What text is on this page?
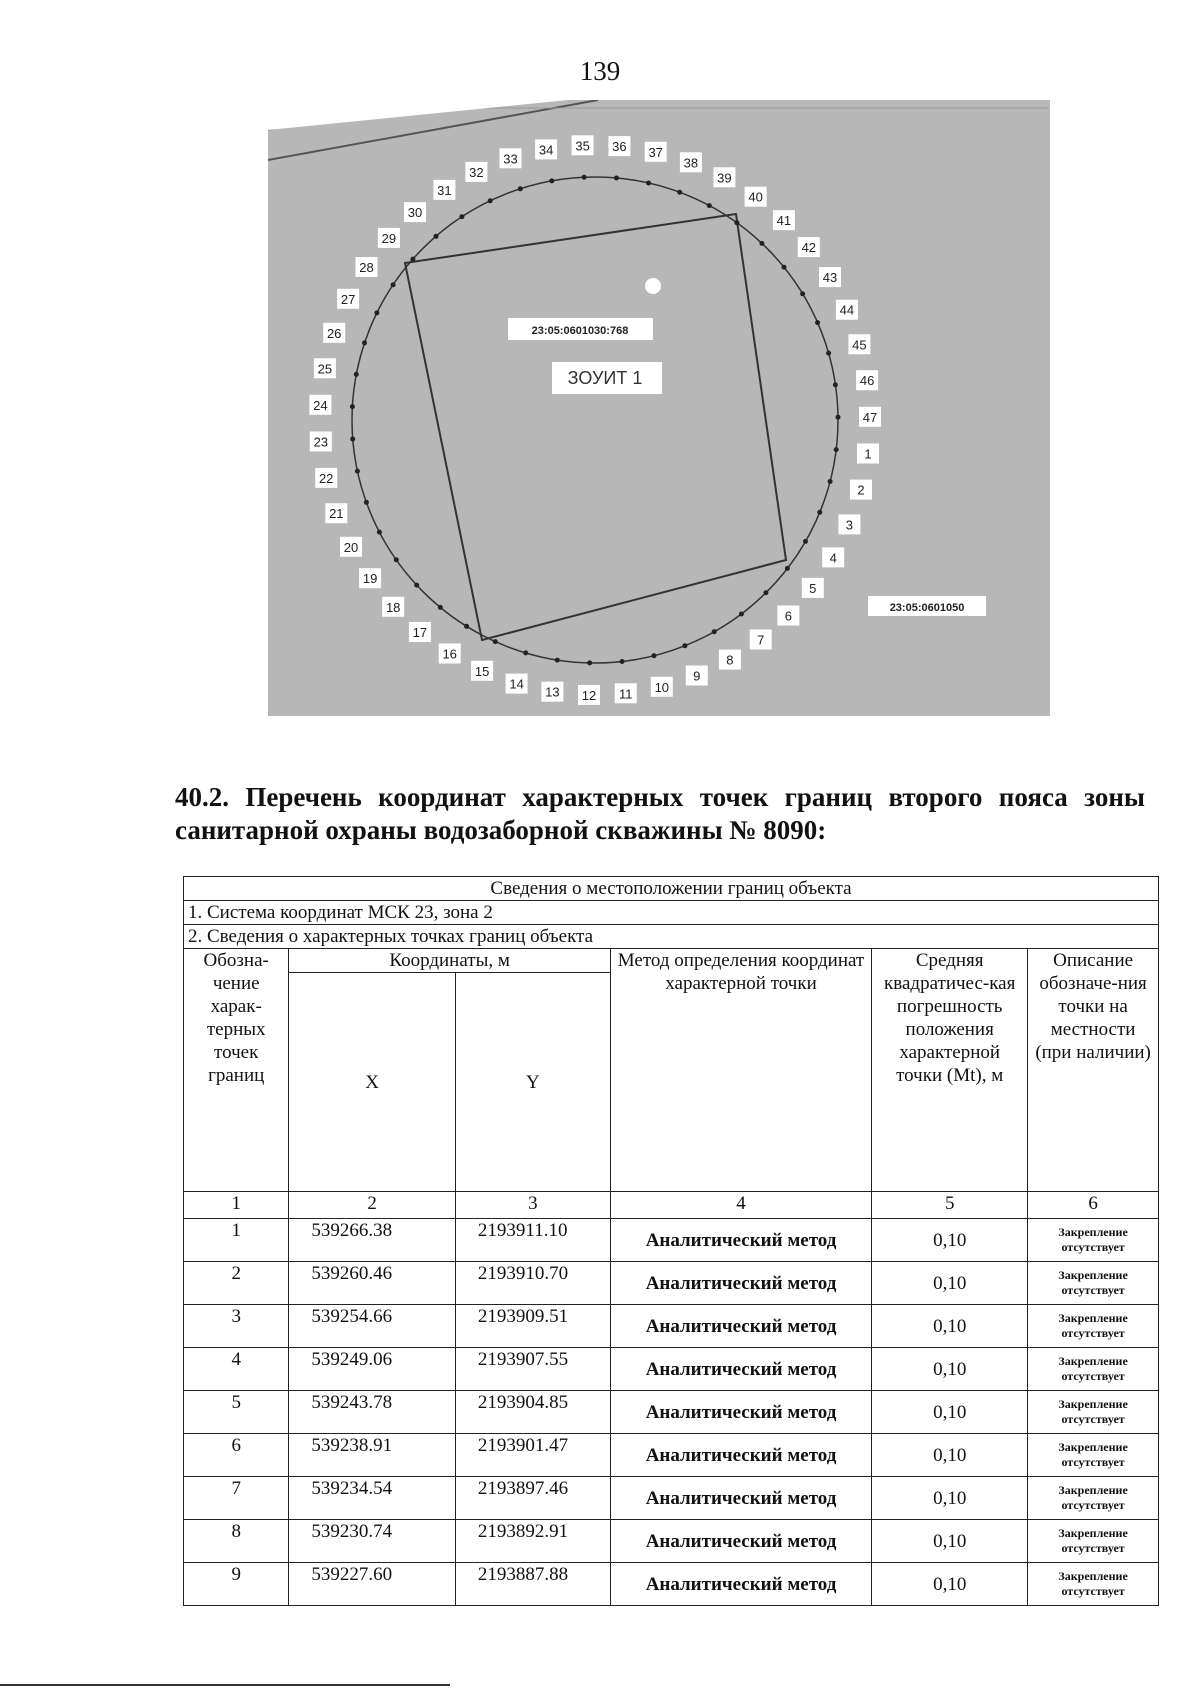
139
1
2
3
4
5
6
7
8
9
10
11
12
13
14
15
16
17
18
19
20
21
22
23
24
25
26
27
28
29
30
31
32
33
34 35 36 37
38
39
40
41
42
43
44
45
46
47
23:05:0601030:768
ЗОУИТ 1
23:05:0601050
40.2. Перечень координат характерных точек границ второго пояса зоны санитарной охраны водозаборной скважины № 8090:
Сведения о местоположении границ объекта					
1. Система координат МСК 23, зона 2					
2. Сведения о характерных точках границ объекта					
Обозна-чение харак-терных точек границ	Координаты, м		Метод определения координат характерной точки	Средняя квадратичес-кая погрешность положения характерной точки (Mt), м	Описание обозначе-ния точки на местности (при наличии)
	X	Y			
1	2	3	4	5	6
1	539266.38	2193911.10	Аналитический метод	0,10	Закрепление отсутствует
2	539260.46	2193910.70	Аналитический метод	0,10	Закрепление отсутствует
3	539254.66	2193909.51	Аналитический метод	0,10	Закрепление отсутствует
4	539249.06	2193907.55	Аналитический метод	0,10	Закрепление отсутствует
5	539243.78	2193904.85	Аналитический метод	0,10	Закрепление отсутствует
6	539238.91	2193901.47	Аналитический метод	0,10	Закрепление отсутствует
7	539234.54	2193897.46	Аналитический метод	0,10	Закрепление отсутствует
8	539230.74	2193892.91	Аналитический метод	0,10	Закрепление отсутствует
9	539227.60	2193887.88	Аналитический метод	0,10	Закрепление отсутствует
